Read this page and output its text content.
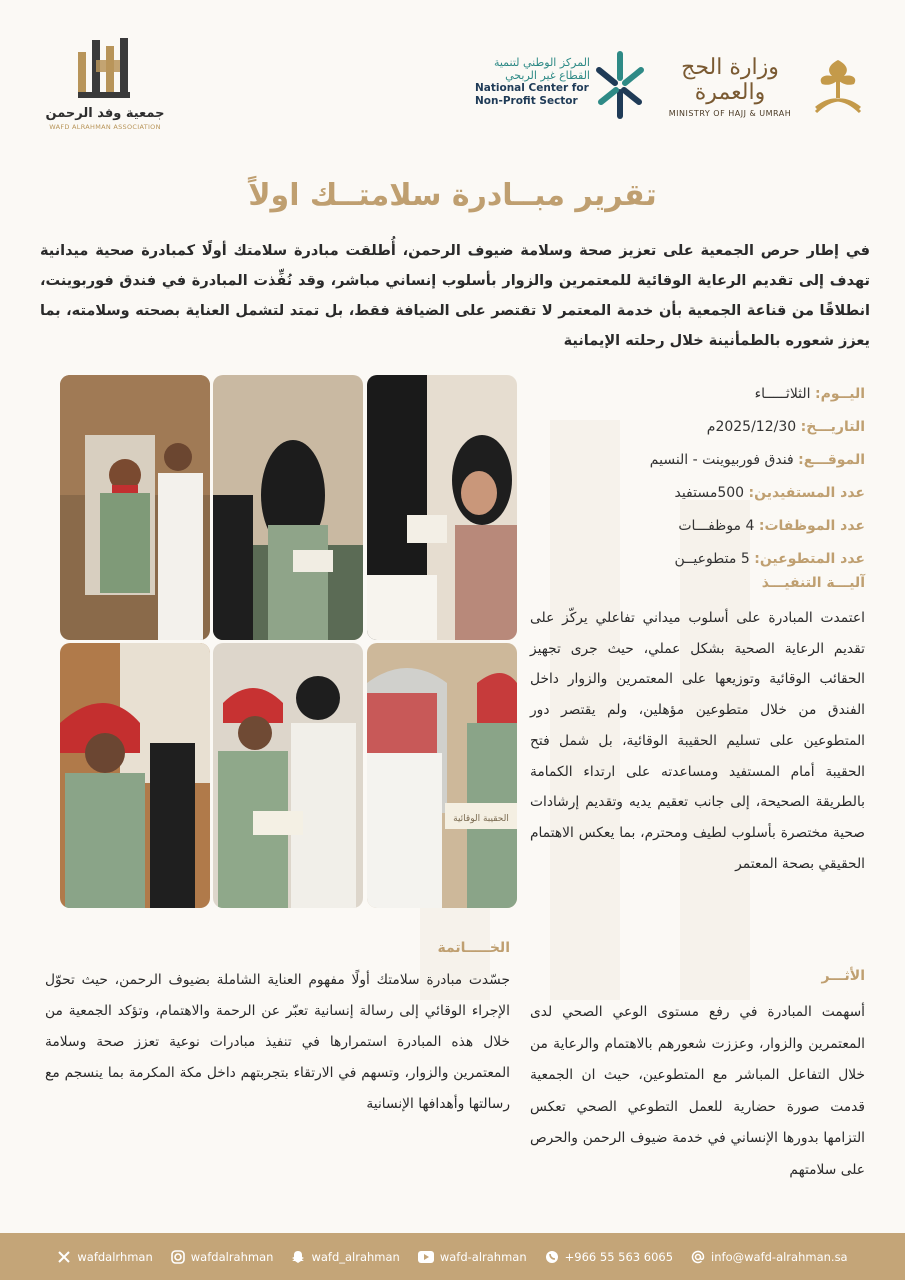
جمعية وفد الرحمن
WAFD ALRAHMAN ASSOCIATION
المركز الوطني لتنمية
القطاع غير الربحي
National Center for
Non-Profit Sector
وزارة الحج والعمرة
MINISTRY OF HAJJ & UMRAH
تقرير مبــادرة سلامتــك اولاً
في إطار حرص الجمعية على تعزيز صحة وسلامة ضيوف الرحمن، أُطلقت مبادرة سلامتك أولًا كمبادرة صحية ميدانية تهدف إلى تقديم الرعاية الوقائية للمعتمرين والزوار بأسلوب إنساني مباشر، وقد نُفِّذت المبادرة في فندق فوربوينت، انطلاقًا من قناعة الجمعية بأن خدمة المعتمر لا تقتصر على الضيافة فقط، بل تمتد لتشمل العناية بصحته وسلامته، بما يعزز شعوره بالطمأنينة خلال رحلته الإيمانية
الحقيبة الوقائية
اليــوم: الثلاثـــــاء
التاريـــخ: 2025/12/30م
الموقـــع: فندق فوربيوينت - النسيم
عدد المستفيدين: 500مستفيد
عدد الموظفات: 4 موظفـــات
عدد المتطوعين: 5 متطوعيــن
آليـــة التنفيـــذ
اعتمدت المبادرة على أسلوب ميداني تفاعلي يركّز على تقديم الرعاية الصحية بشكل عملي، حيث جرى تجهيز الحقائب الوقائية وتوزيعها على المعتمرين والزوار داخل الفندق من خلال متطوعين مؤهلين، ولم يقتصر دور المتطوعين على تسليم الحقيبة الوقائية، بل شمل فتح الحقيبة أمام المستفيد ومساعدته على ارتداء الكمامة بالطريقة الصحيحة، إلى جانب تعقيم يديه وتقديم إرشادات صحية مختصرة بأسلوب لطيف ومحترم، بما يعكس الاهتمام الحقيقي بصحة المعتمر
الخـــــاتمة
جسّدت مبادرة سلامتك أولًا مفهوم العناية الشاملة بضيوف الرحمن، حيث تحوّل الإجراء الوقائي إلى رسالة إنسانية تعبّر عن الرحمة والاهتمام، وتؤكد الجمعية من خلال هذه المبادرة استمرارها في تنفيذ مبادرات نوعية تعزز صحة وسلامة المعتمرين والزوار، وتسهم في الارتقاء بتجربتهم داخل مكة المكرمة بما ينسجم مع رسالتها وأهدافها الإنسانية
الأثـــر
أسهمت المبادرة في رفع مستوى الوعي الصحي لدى المعتمرين والزوار، وعززت شعورهم بالاهتمام والرعاية من خلال التفاعل المباشر مع المتطوعين، حيث ان الجمعية قدمت صورة حضارية للعمل التطوعي الصحي تعكس التزامها بدورها الإنساني في خدمة ضيوف الرحمن والحرص على سلامتهم
wafdalrhman	wafdalrahman	wafd_alrahman	wafd-alrahman	+966 55 563 6065	info@wafd-alrahman.sa
